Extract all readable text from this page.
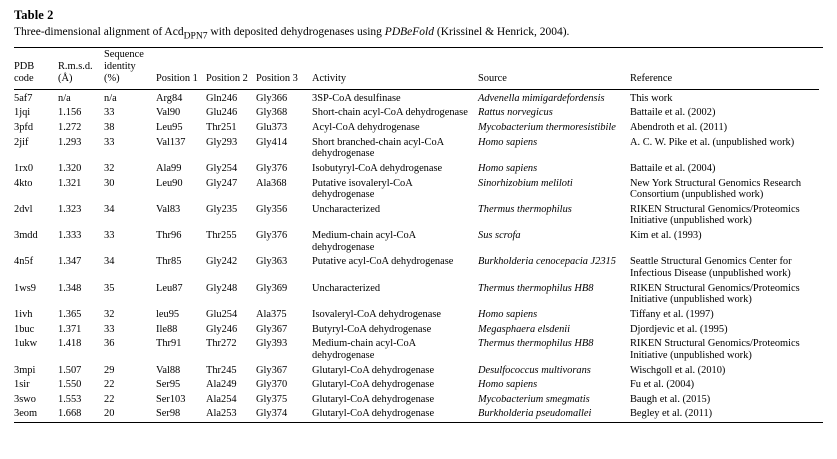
Table 2
Three-dimensional alignment of Acd$_{DPN7}$ with deposited dehydrogenases using PDBeFold (Krissinel & Henrick, 2004).
PDB code	R.m.s.d. (Å)	Sequence identity (%)	Position 1	Position 2	Position 3	Activity	Source	Reference

5af7	n/a	n/a	Arg84	Gln246	Gly366	3SP-CoA desulfinase	Advenella mimigardefordensis	This work
1jqi	1.156	33	Val90	Glu246	Gly368	Short-chain acyl-CoA dehydrogenase	Rattus norvegicus	Battaile et al. (2002)
3pfd	1.272	38	Leu95	Thr251	Glu373	Acyl-CoA dehydrogenase	Mycobacterium thermoresistibile	Abendroth et al. (2011)
2jif	1.293	33	Val137	Gly293	Gly414	Short branched-chain acyl-CoA dehydrogenase	Homo sapiens	A. C. W. Pike et al. (unpublished work)
1rx0	1.320	32	Ala99	Gly254	Gly376	Isobutyryl-CoA dehydrogenase	Homo sapiens	Battaile et al. (2004)
4kto	1.321	30	Leu90	Gly247	Ala368	Putative isovaleryl-CoA dehydrogenase	Sinorhizobium meliloti	New York Structural Genomics Research Consortium (unpublished work)
2dvl	1.323	34	Val83	Gly235	Gly356	Uncharacterized	Thermus thermophilus	RIKEN Structural Genomics/Proteomics Initiative (unpublished work)
3mdd	1.333	33	Thr96	Thr255	Gly376	Medium-chain acyl-CoA dehydrogenase	Sus scrofa	Kim et al. (1993)
4n5f	1.347	34	Thr85	Gly242	Gly363	Putative acyl-CoA dehydrogenase	Burkholderia cenocepacia J2315	Seattle Structural Genomics Center for Infectious Disease (unpublished work)
1ws9	1.348	35	Leu87	Gly248	Gly369	Uncharacterized	Thermus thermophilus HB8	RIKEN Structural Genomics/Proteomics Initiative (unpublished work)
1ivh	1.365	32	leu95	Glu254	Ala375	Isovaleryl-CoA dehydrogenase	Homo sapiens	Tiffany et al. (1997)
1buc	1.371	33	Ile88	Gly246	Gly367	Butyryl-CoA dehydrogenase	Megasphaera elsdenii	Djordjevic et al. (1995)
1ukw	1.418	36	Thr91	Thr272	Gly393	Medium-chain acyl-CoA dehydrogenase	Thermus thermophilus HB8	RIKEN Structural Genomics/Proteomics Initiative (unpublished work)
3mpi	1.507	29	Val88	Thr245	Gly367	Glutaryl-CoA dehydrogenase	Desulfococcus multivorans	Wischgoll et al. (2010)
1sir	1.550	22	Ser95	Ala249	Gly370	Glutaryl-CoA dehydrogenase	Homo sapiens	Fu et al. (2004)
3swo	1.553	22	Ser103	Ala254	Gly375	Glutaryl-CoA dehydrogenase	Mycobacterium smegmatis	Baugh et al. (2015)
3eom	1.668	20	Ser98	Ala253	Gly374	Glutaryl-CoA dehydrogenase	Burkholderia pseudomallei	Begley et al. (2011)
